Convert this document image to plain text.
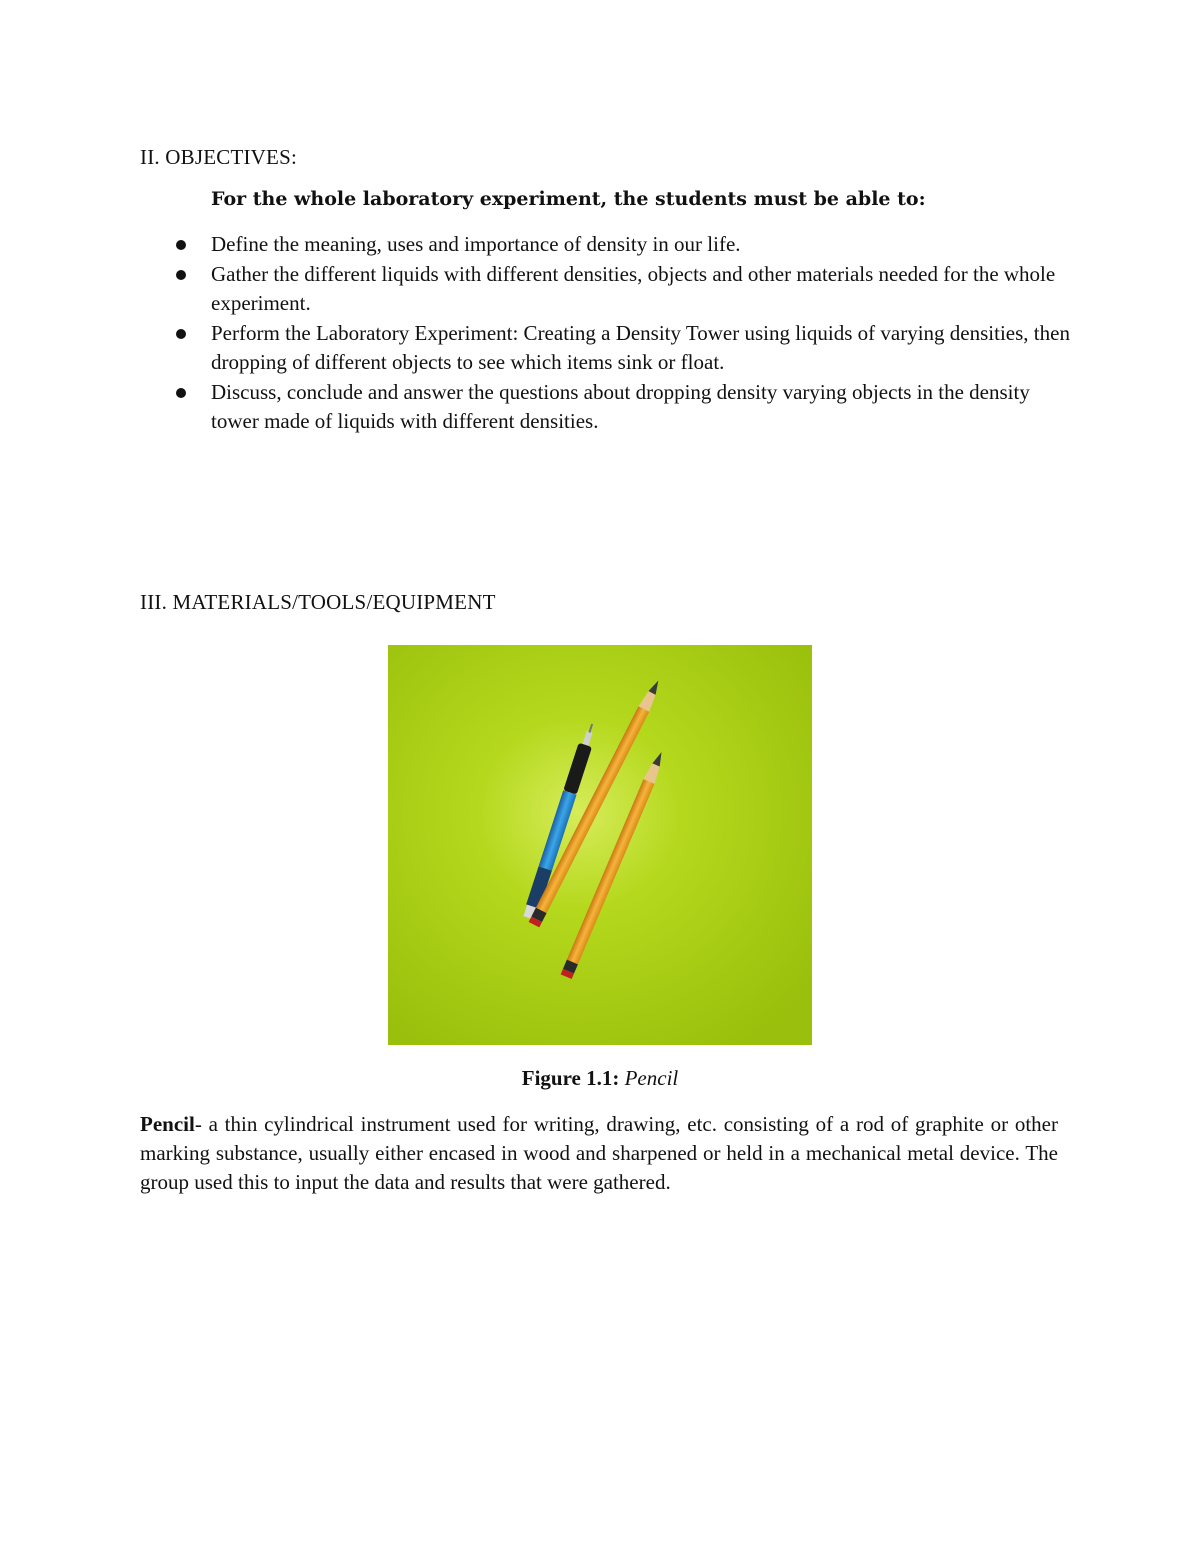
II. OBJECTIVES:

For the whole laboratory experiment, the students must be able to:

Define the meaning, uses and importance of density in our life.
Gather the different liquids with different densities, objects and other materials needed for the whole experiment.
Perform the Laboratory Experiment: Creating a Density Tower using liquids of varying densities, then dropping of different objects to see which items sink or float.
Discuss, conclude and answer the questions about dropping density varying objects in the density tower made of liquids with different densities.
III. MATERIALS/TOOLS/EQUIPMENT

Figure 1.1: Pencil

Pencil- a thin cylindrical instrument used for writing, drawing, etc. consisting of a rod of graphite or other marking substance, usually either encased in wood and sharpened or held in a mechanical metal device. The group used this to input the data and results that were gathered.
